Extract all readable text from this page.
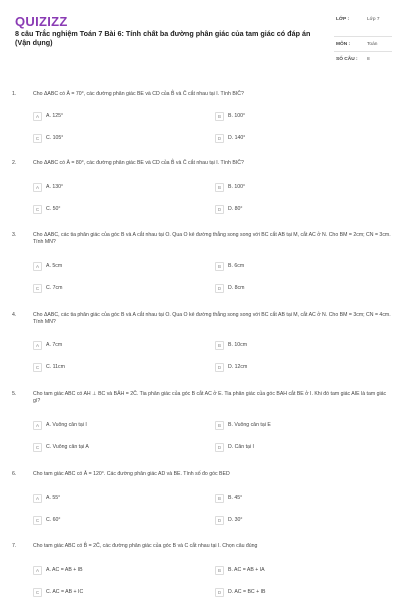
QUIZIZZ
8 câu Trắc nghiệm Toán 7 Bài 6: Tính chất ba đường phân giác của tam giác có đáp án (Vận dụng)
LỚP :	Lớp 7
MÔN :	Toán
SỐ CÂU : 8
1.	Cho ΔABC có Â = 70°, các đường phân giác BE và CD của B̂ và Ĉ cắt nhau tại I. Tính BIĈ?
A	A. 125°	B	B. 100°
C	C. 105°	D	D. 140°
2.	Cho ΔABC có Â = 80°, các đường phân giác BE và CD của B̂ và Ĉ cắt nhau tại I. Tính BIĈ?
A	A. 130°	B	B. 100°
C	C. 50°	D	D. 80°
3.	Cho ΔABC, các tia phân giác của góc B và A cắt nhau tại O. Qua O kẻ đường thẳng song song với BC cắt AB tại M, cắt AC ở N. Cho BM = 2cm; CN = 3cm. Tính MN?
A	A. 5cm	B	B. 6cm
C	C. 7cm	D	D. 8cm
4.	Cho ΔABC, các tia phân giác của góc B và A cắt nhau tại O. Qua O kẻ đường thẳng song song với BC cắt AB tại M, cắt AC ở N. Cho BM = 3cm; CN = 4cm. Tính MN?
A	A. 7cm	B	B. 10cm
C	C. 11cm	D	D. 12cm
5.	Cho tam giác ABC có AH ⊥ BC và BÂH = 2Ĉ. Tia phân giác của góc B cắt AC ở E. Tia phân giác của góc BAH cắt BE ở I. Khi đó tam giác AIE là tam giác gì?
A	A. Vuông cân tại I	B	B. Vuông cân tại E
C	C. Vuông cân tại A	D	D. Cân tại I
6.	Cho tam giác ABC có Â = 120°. Các đường phân giác AD và BE. Tính số đo góc BED
A	A. 55°	B	B. 45°
C	C. 60°	D	D. 30°
7.	Cho tam giác ABC có B̂ = 2Ĉ, các đường phân giác của góc B và C cắt nhau tại I. Chọn câu đúng
A	A. AC = AB + IB	B	B. AC = AB + IA
C	C. AC = AB + IC	D	D. AC = BC + IB
